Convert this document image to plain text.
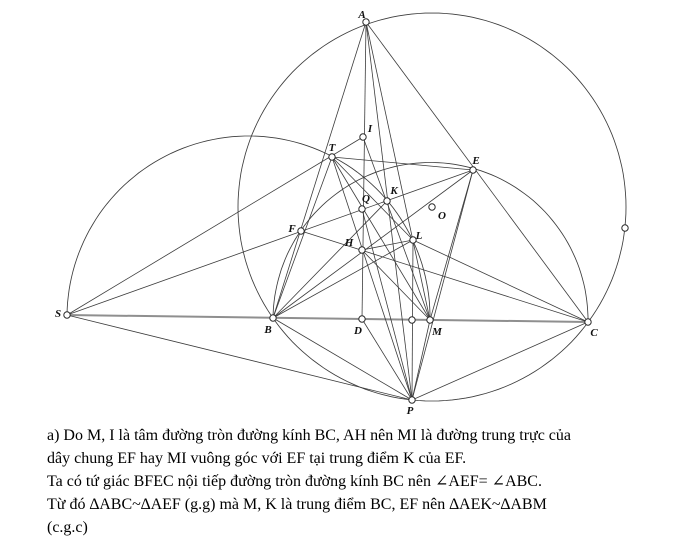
A
I
T
E
K
Q
O
F
H
L
S
B	D	M	C
P
a) Do M, I là tâm đường tròn đường kính BC, AH nên MI là đường trung trực của
dây chung EF hay MI vuông góc với EF tại trung điểm K của EF.
Ta có tứ giác BFEC nội tiếp đường tròn đường kính BC nên ∠AEF= ∠ABC.
Từ đó ∆ABC~∆AEF (g.g) mà M, K là trung điểm BC, EF nên ∆AEK~∆ABM
(c.g.c)
